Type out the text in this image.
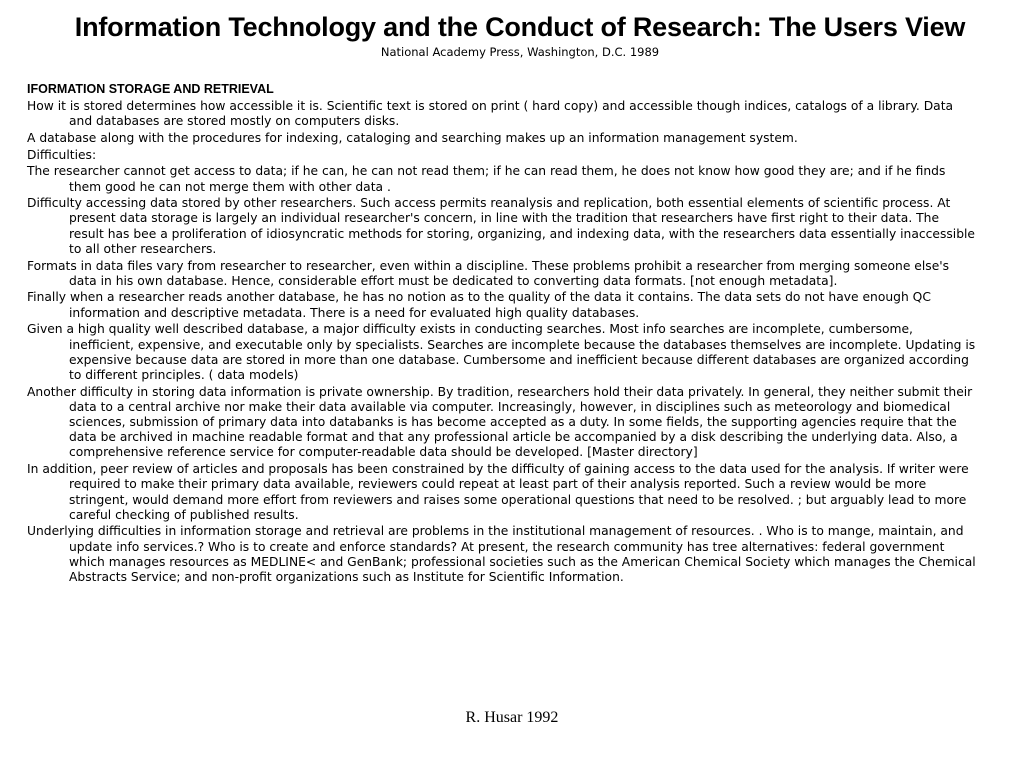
Information Technology and the Conduct of Research: The Users View
National Academy Press, Washington, D.C. 1989
IFORMATION STORAGE AND RETRIEVAL

How it is stored determines how accessible it is. Scientific text is stored on print ( hard copy) and accessible though indices, catalogs of a library. Data and databases are stored mostly on computers disks.

A database along with the procedures for indexing, cataloging and searching makes up an information management system.

Difficulties:

The researcher cannot get access to data; if he can, he can not read them; if he can read them, he does not know how good they are; and if he finds them good he can not merge them with other data .

Difficulty accessing data stored by other researchers. Such access permits reanalysis and replication, both essential elements of scientific process. At present data storage is largely an individual researcher's concern, in line with the tradition that researchers have first right to their data. The result has bee a proliferation of idiosyncratic methods for storing, organizing, and indexing data, with the researchers data essentially inaccessible to all other researchers.

Formats in data files vary from researcher to researcher, even within a discipline. These problems prohibit a researcher from merging someone else's data in his own database. Hence, considerable effort must be dedicated to converting data formats. [not enough metadata].

Finally when a researcher reads another database, he has no notion as to the quality of the data it contains. The data sets do not have enough QC information and descriptive metadata. There is a need for evaluated high quality databases.

Given a high quality well described database, a major difficulty exists in conducting searches. Most info searches are incomplete, cumbersome, inefficient, expensive, and executable only by specialists. Searches are incomplete because the databases themselves are incomplete. Updating is expensive because data are stored in more than one database. Cumbersome and inefficient because different databases are organized according to different principles. ( data models)

Another difficulty in storing data information is private ownership. By tradition, researchers hold their data privately. In general, they neither submit their data to a central archive nor make their data available via computer. Increasingly, however, in disciplines such as meteorology and biomedical sciences, submission of primary data into databanks is has become accepted as a duty. In some fields, the supporting agencies require that the data be archived in machine readable format and that any professional article be accompanied by a disk describing the underlying data. Also, a comprehensive reference service for computer-readable data should be developed. [Master directory]

In addition, peer review of articles and proposals has been constrained by the difficulty of gaining access to the data used for the analysis. If writer were required to make their primary data available, reviewers could repeat at least part of their analysis reported. Such a review would be more stringent, would demand more effort from reviewers and raises some operational questions that need to be resolved. ; but arguably lead to more careful checking of published results.

Underlying difficulties in information storage and retrieval are problems in the institutional management of resources. . Who is to mange, maintain, and update info services.? Who is to create and enforce standards? At present, the research community has tree alternatives: federal government which manages resources as MEDLINE< and GenBank; professional societies such as the American Chemical Society which manages the Chemical Abstracts Service; and non-profit organizations such as Institute for Scientific Information.

R. Husar 1992
